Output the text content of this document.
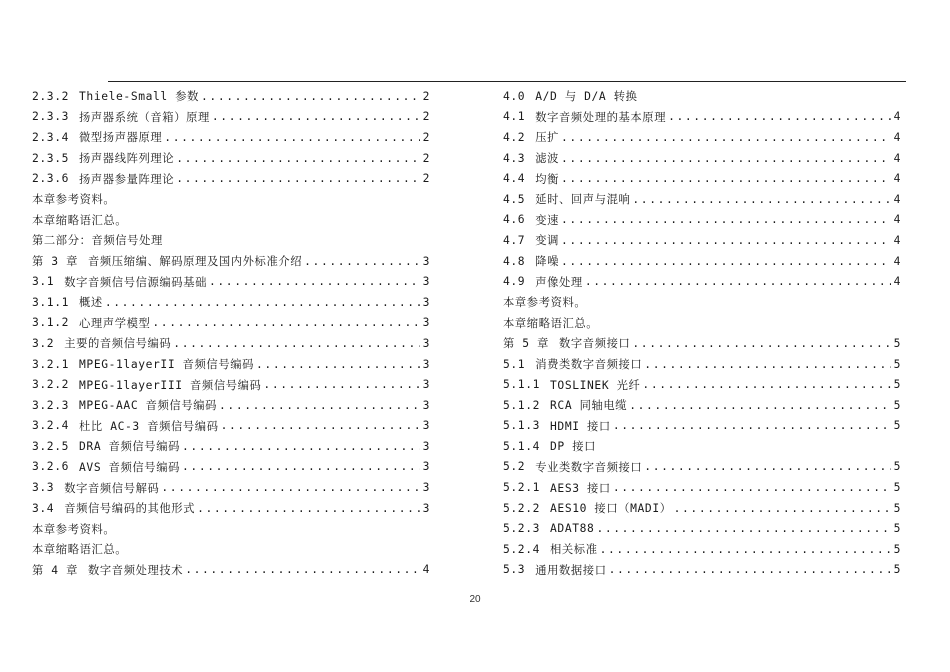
2.3.2 Thiele-Small 参数 .....	2
2.3.3 扬声器系统（音箱）原理 .....	2
2.3.4 微型扬声器原理 .....	2
2.3.5 扬声器线阵列理论 .....	2
2.3.6 扬声器参量阵理论 .....	2
本章参考资料。
本章缩略语汇总。
第二部分：音频信号处理
第 3 章 音频压缩编、解码原理及国内外标准介绍 .....	3
3.1 数字音频信号信源编码基础 .....	3
3.1.1 概述 .....	3
3.1.2 心理声学模型 .....	3
3.2 主要的音频信号编码 .....	3
3.2.1 MPEG-1layerII 音频信号编码 .....	3
3.2.2 MPEG-1layerIII 音频信号编码 .....	3
3.2.3 MPEG-AAC 音频信号编码 .....	3
3.2.4 杜比 AC-3 音频信号编码 .....	3
3.2.5 DRA 音频信号编码 .....	3
3.2.6 AVS 音频信号编码 .....	3
3.3 数字音频信号解码 .....	3
3.4 音频信号编码的其他形式 .....	3
本章参考资料。
本章缩略语汇总。
第 4 章 数字音频处理技术 .....	4
4.0 A/D 与 D/A 转换
4.1 数字音频处理的基本原理 .....	4
4.2 压扩 .....	4
4.3 滤波 .....	4
4.4 均衡 .....	4
4.5 延时、回声与混响 .....	4
4.6 变速 .....	4
4.7 变调 .....	4
4.8 降噪 .....	4
4.9 声像处理 .....	4
本章参考资料。
本章缩略语汇总。
第 5 章 数字音频接口 .....	5
5.1 消费类数字音频接口 .....	5
5.1.1 TOSLINEK 光纤 .....	5
5.1.2 RCA 同轴电缆 .....	5
5.1.3 HDMI 接口 .....	5
5.1.4 DP 接口
5.2 专业类数字音频接口 .....	5
5.2.1 AES3 接口 .....	5
5.2.2 AES10 接口（MADI） .....	5
5.2.3 ADAT88 .....	5
5.2.4 相关标准 .....	5
5.3 通用数据接口 .....	5
20
